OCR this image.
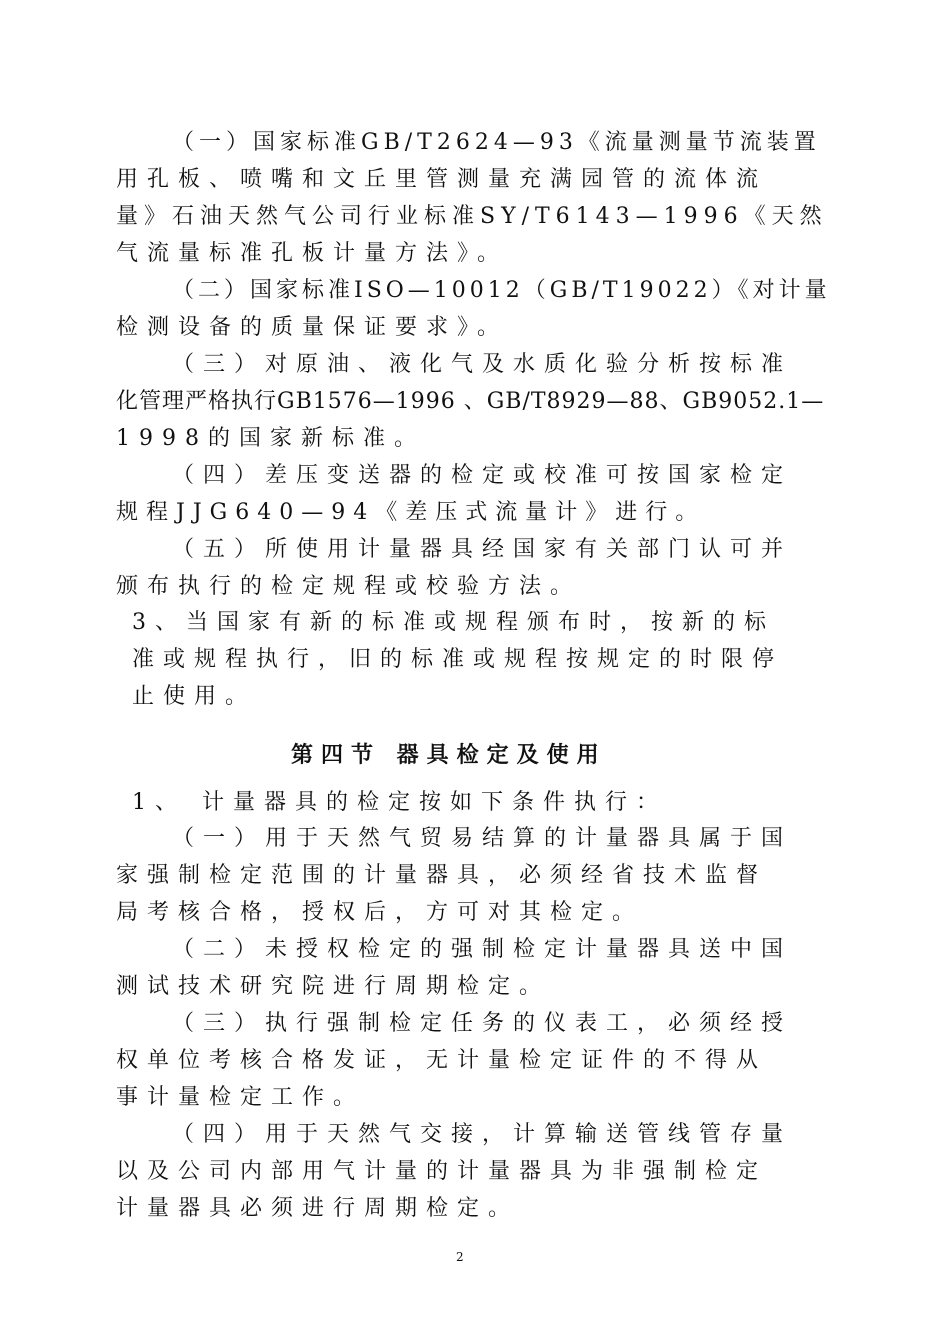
（一）国家标准GB/T2624—93《流量测量节流装置
用孔板、喷嘴和文丘里管测量充满园管的流体流
量》石油天然气公司行业标准SY/T6143—1996《天然
气流量标准孔板计量方法》。
（二）国家标准ISO—10012（GB/T19022）《对计量
检测设备的质量保证要求》。
（三）对原油、液化气及水质化验分析按标准
化管理严格执行GB1576—1996 、GB/T8929—88、GB9052.1—
1998的国家新标准。
（四）差压变送器的检定或校准可按国家检定
规程JJG640—94《差压式流量计》进行。
（五）所使用计量器具经国家有关部门认可并
颁布执行的检定规程或校验方法。
3、当国家有新的标准或规程颁布时，按新的标
准或规程执行，旧的标准或规程按规定的时限停
止使用。
第四节 器具检定及使用
1、 计量器具的检定按如下条件执行：
（一）用于天然气贸易结算的计量器具属于国
家强制检定范围的计量器具，必须经省技术监督
局考核合格，授权后，方可对其检定。
（二）未授权检定的强制检定计量器具送中国
测试技术研究院进行周期检定。
（三）执行强制检定任务的仪表工，必须经授
权单位考核合格发证，无计量检定证件的不得从
事计量检定工作。
（四）用于天然气交接，计算输送管线管存量
以及公司内部用气计量的计量器具为非强制检定
计量器具必须进行周期检定。
2
